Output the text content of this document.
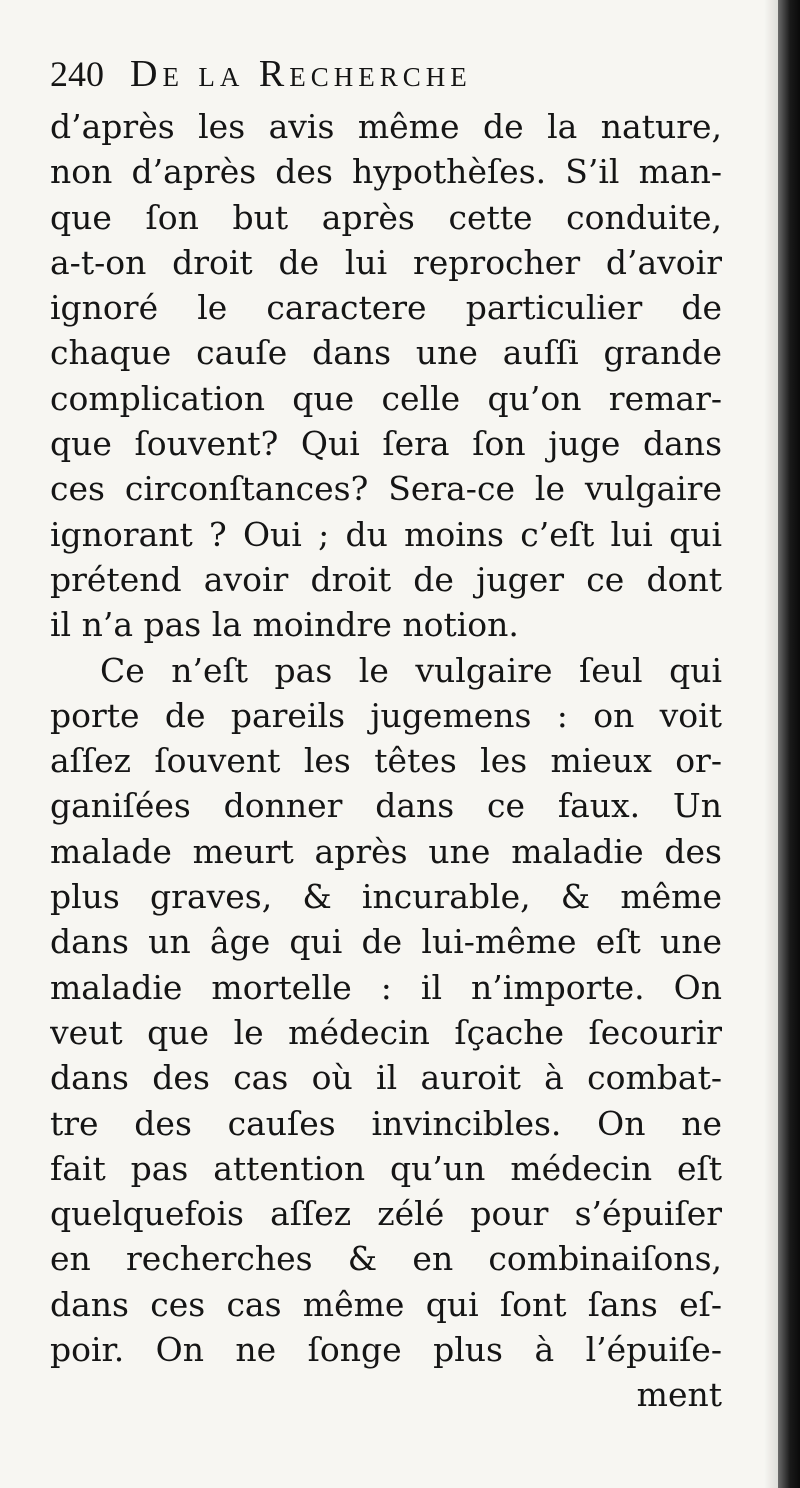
240 De la Recherche
d’après les avis même de la nature,
non d’après des hypothèſes. S’il man-
que ſon but après cette conduite,
a-t-on droit de lui reprocher d’avoir
ignoré le caractere particulier de
chaque cauſe dans une auſſi grande
complication que celle qu’on remar-
que ſouvent? Qui ſera ſon juge dans
ces circonſtances? Sera-ce le vulgaire
ignorant ? Oui ; du moins c’eſt lui qui
prétend avoir droit de juger ce dont
il n’a pas la moindre notion.
Ce n’eſt pas le vulgaire ſeul qui
porte de pareils jugemens : on voit
aſſez ſouvent les têtes les mieux or-
ganiſées donner dans ce faux. Un
malade meurt après une maladie des
plus graves, & incurable, & même
dans un âge qui de lui-même eſt une
maladie mortelle : il n’importe. On
veut que le médecin ſçache ſecourir
dans des cas où il auroit à combat-
tre des cauſes invincibles. On ne
fait pas attention qu’un médecin eſt
quelquefois aſſez zélé pour s’épuiſer
en recherches & en combinaiſons,
dans ces cas même qui ſont ſans eſ-
poir. On ne ſonge plus à l’épuiſe-
ment
